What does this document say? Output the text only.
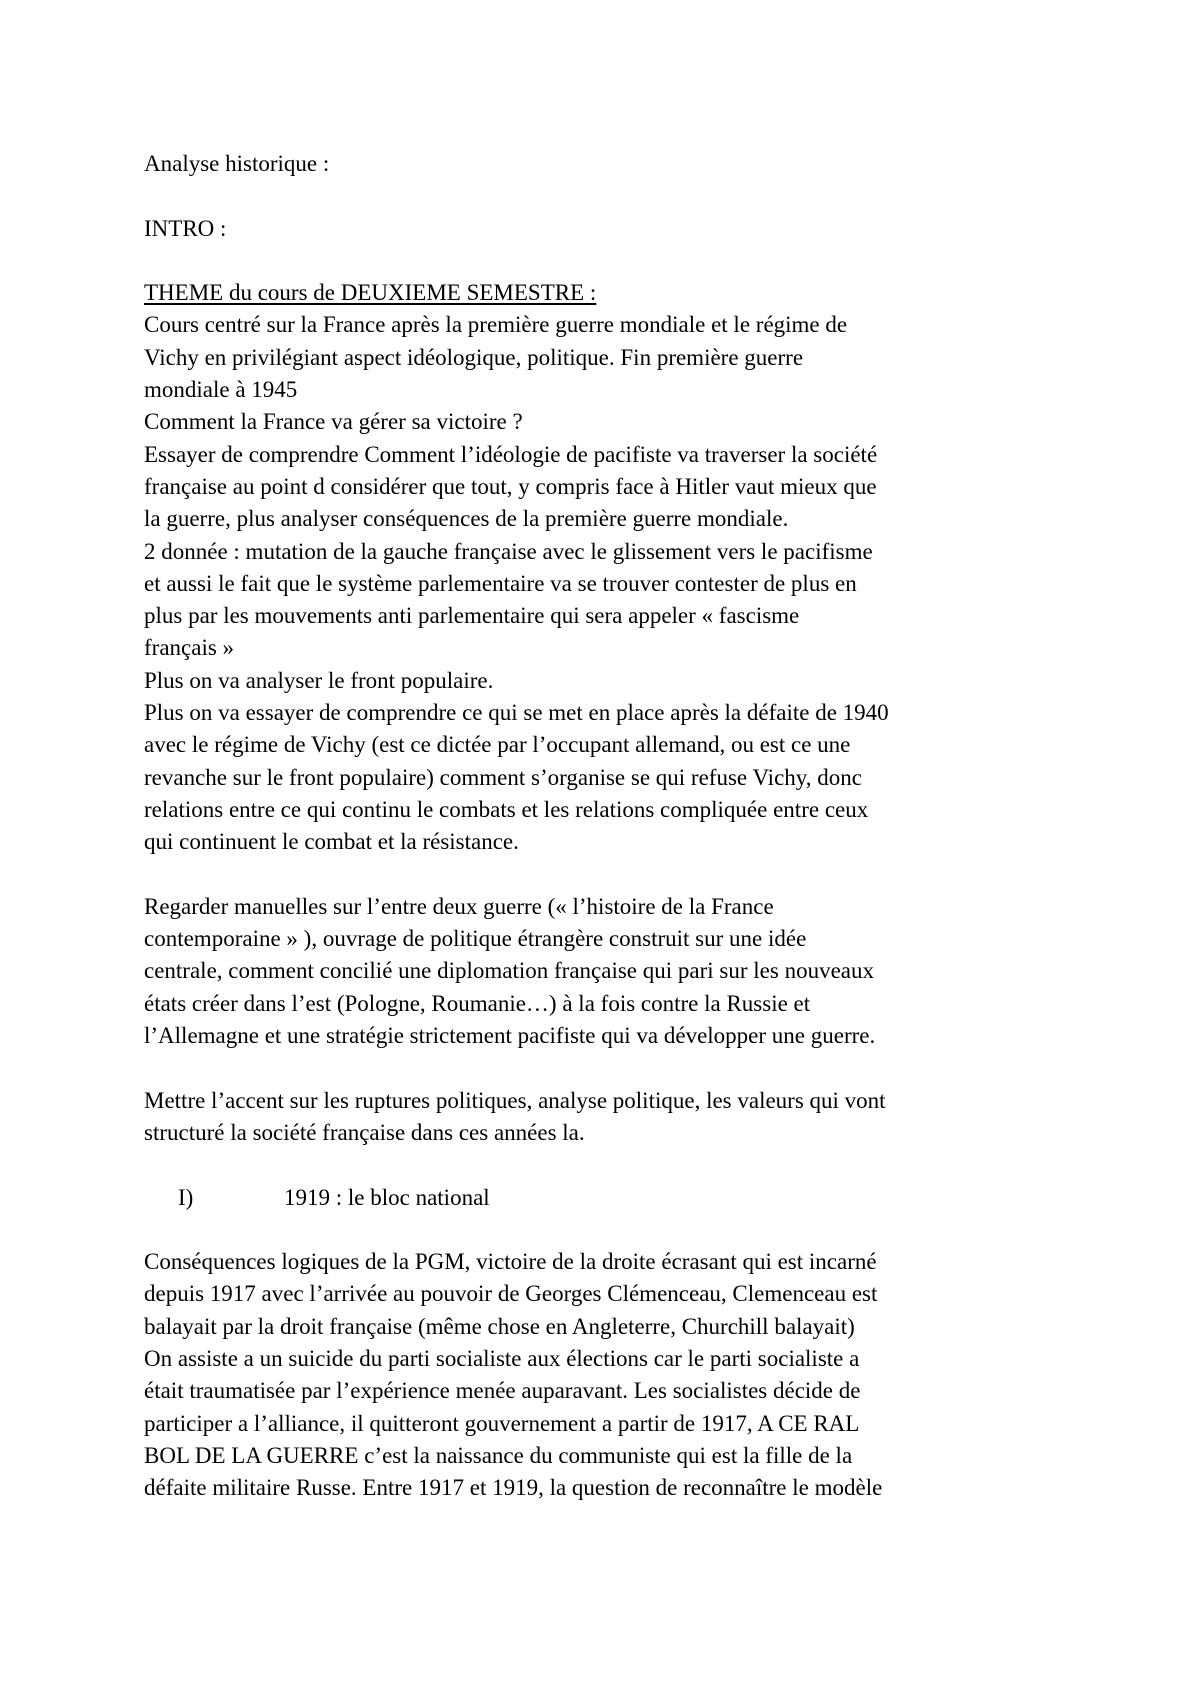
Analyse historique :
INTRO :
THEME du cours de DEUXIEME SEMESTRE :
Cours centré sur la France après la première guerre mondiale et le régime de
Vichy en privilégiant aspect idéologique, politique. Fin première guerre
mondiale à 1945
Comment la France va gérer sa victoire ?
Essayer de comprendre Comment l’idéologie de pacifiste va traverser la société
française au point d considérer que tout, y compris face à Hitler vaut mieux que
la guerre, plus analyser conséquences de la première guerre mondiale.
2 donnée : mutation de la gauche française avec le glissement vers le pacifisme
et aussi le fait que le système parlementaire va se trouver contester de plus en
plus par les mouvements anti parlementaire qui sera appeler « fascisme
français »
Plus on va analyser le front populaire.
Plus on va essayer de comprendre ce qui se met en place après la défaite de 1940
avec le régime de Vichy (est ce dictée par l’occupant allemand, ou est ce une
revanche sur le front populaire) comment s’organise se qui refuse Vichy, donc
relations entre ce qui continu le combats et les relations compliquée entre ceux
qui continuent le combat et la résistance.
Regarder manuelles sur l’entre deux guerre (« l’histoire de la France
contemporaine » ), ouvrage de politique étrangère construit sur une idée
centrale, comment concilié une diplomation française qui pari sur les nouveaux
états créer dans l’est (Pologne, Roumanie…) à la fois contre la Russie et
l’Allemagne et une stratégie strictement pacifiste qui va développer une guerre.
Mettre l’accent sur les ruptures politiques, analyse politique, les valeurs qui vont
structuré la société française dans ces années la.
I)	1919 : le bloc national
Conséquences logiques de la PGM, victoire de la droite écrasant qui est incarné
depuis 1917 avec l’arrivée au pouvoir de Georges Clémenceau, Clemenceau est
balayait par la droit française (même chose en Angleterre, Churchill balayait)
On assiste a un suicide du parti socialiste aux élections car le parti socialiste a
était traumatisée par l’expérience menée auparavant. Les socialistes décide de
participer a l’alliance, il quitteront gouvernement a partir de 1917, A CE RAL
BOL DE LA GUERRE c’est la naissance du communiste qui est la fille de la
défaite militaire Russe. Entre 1917 et 1919, la question de reconnaître le modèle
